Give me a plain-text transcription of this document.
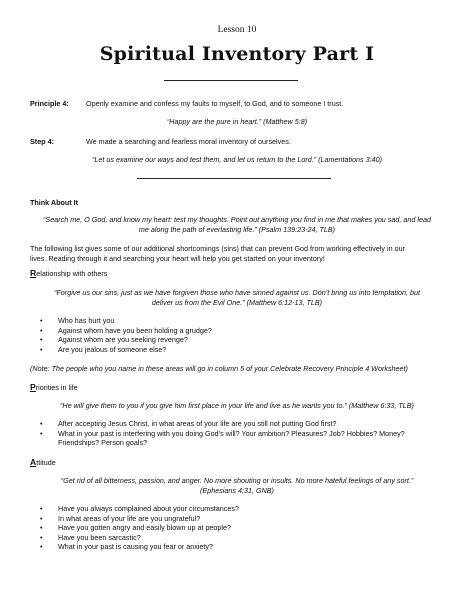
Lesson 10
Spiritual Inventory Part I
Principle 4: Openly examine and confess my faults to myself, to God, and to someone I trust.
“Happy are the pure in heart.” (Matthew 5:8)
Step 4:	We made a searching and fearless moral inventory of ourselves.
“Let us examine our ways and test them, and let us return to the Lord.” (Lamentations 3:40)
Think About It
“Search me, O God, and know my heart: test my thoughts. Point out anything you find in me that makes you sad, and lead
me along the path of everlasting life.” (Psalm 139:23-24, TLB)
The following list gives some of our additional shortcomings (sins) that can prevent God from working effectively in our
lives. Reading through it and searching your heart will help you get started on your inventory!
Relationship with others
“Forgive us our sins, just as we have forgiven those who have sinned against us. Don’t bring us into temptation, but
deliver us from the Evil One.” (Matthew 6:12-13, TLB)
• Who has hurt you
• Against whom have you been holding a grudge?
• Against whom are you seeking revenge?
• Are you jealous of someone else?
(Note: The people who you name in these areas will go in column 5 of your Celebrate Recovery Principle 4 Worksheet)
Priorities in life
“He will give them to you if you give him first place in your life and live as he wants you to.” (Matthew 6:33, TLB)
• After accepting Jesus Christ, in what areas of your life are you still not putting God first?
• What in your past is interfering with you doing God’s will? Your ambition? Pleasures? Job? Hobbies? Money?
Friendships? Person goals?
Attitude
“Get rid of all bitterness, passion, and anger. No more shouting or insults. No more hateful feelings of any sort.”
(Ephesians 4:31, GNB)
• Have you always complained about your circumstances?
• In what areas of your life are you ungrateful?
• Have you gotten angry and easily blown up at people?
• Have you been sarcastic?
• What in your past is causing you fear or anxiety?
